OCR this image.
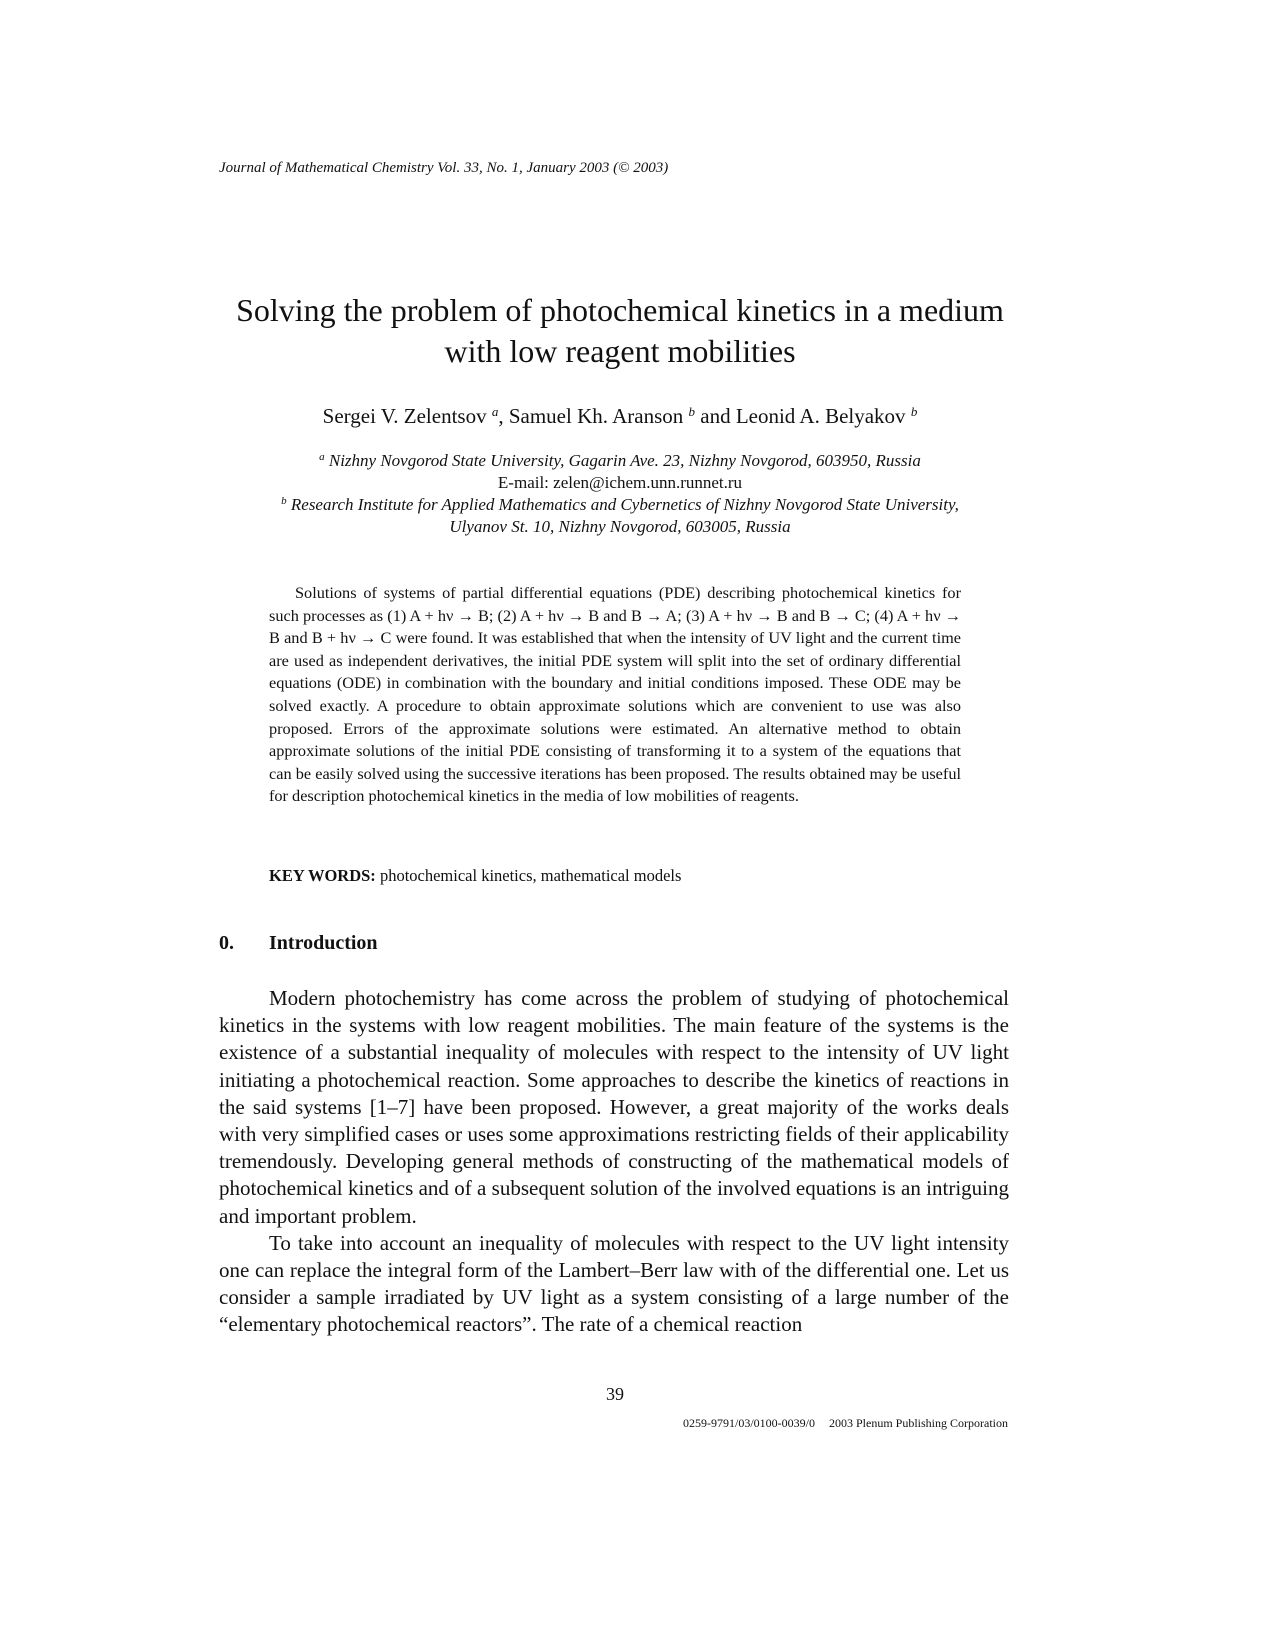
Journal of Mathematical Chemistry Vol. 33, No. 1, January 2003 (© 2003)
Solving the problem of photochemical kinetics in a medium
with low reagent mobilities
Sergei V. Zelentsov $^a$, Samuel Kh. Aranson $^b$ and Leonid A. Belyakov $^b$
$^a$ Nizhny Novgorod State University, Gagarin Ave. 23, Nizhny Novgorod, 603950, Russia
E-mail: zelen@ichem.unn.runnet.ru
$^b$ Research Institute for Applied Mathematics and Cybernetics of Nizhny Novgorod State University,
Ulyanov St. 10, Nizhny Novgorod, 603005, Russia

Solutions of systems of partial differential equations (PDE) describing photochemical kinetics for such processes as (1) A + hν → B; (2) A + hν → B and B → A; (3) A + hν → B and B → C; (4) A + hν → B and B + hν → C were found. It was established that when the intensity of UV light and the current time are used as independent derivatives, the initial PDE system will split into the set of ordinary differential equations (ODE) in combination with the boundary and initial conditions imposed. These ODE may be solved exactly. A procedure to obtain approximate solutions which are convenient to use was also proposed. Errors of the approximate solutions were estimated. An alternative method to obtain approximate solutions of the initial PDE consisting of transforming it to a system of the equations that can be easily solved using the successive iterations has been proposed. The results obtained may be useful for description photochemical kinetics in the media of low mobilities of reagents.

KEY WORDS: photochemical kinetics, mathematical models
0. Introduction

Modern photochemistry has come across the problem of studying of photochemical kinetics in the systems with low reagent mobilities. The main feature of the systems is the existence of a substantial inequality of molecules with respect to the intensity of UV light initiating a photochemical reaction. Some approaches to describe the kinetics of reactions in the said systems [1–7] have been proposed. However, a great majority of the works deals with very simplified cases or uses some approximations restricting fields of their applicability tremendously. Developing general methods of constructing of the mathematical models of photochemical kinetics and of a subsequent solution of the involved equations is an intriguing and important problem.

To take into account an inequality of molecules with respect to the UV light intensity one can replace the integral form of the Lambert–Berr law with of the differential one. Let us consider a sample irradiated by UV light as a system consisting of a large number of the “elementary photochemical reactors”. The rate of a chemical reaction

39
0259-9791/03/0100-0039/0 2003 Plenum Publishing Corporation
